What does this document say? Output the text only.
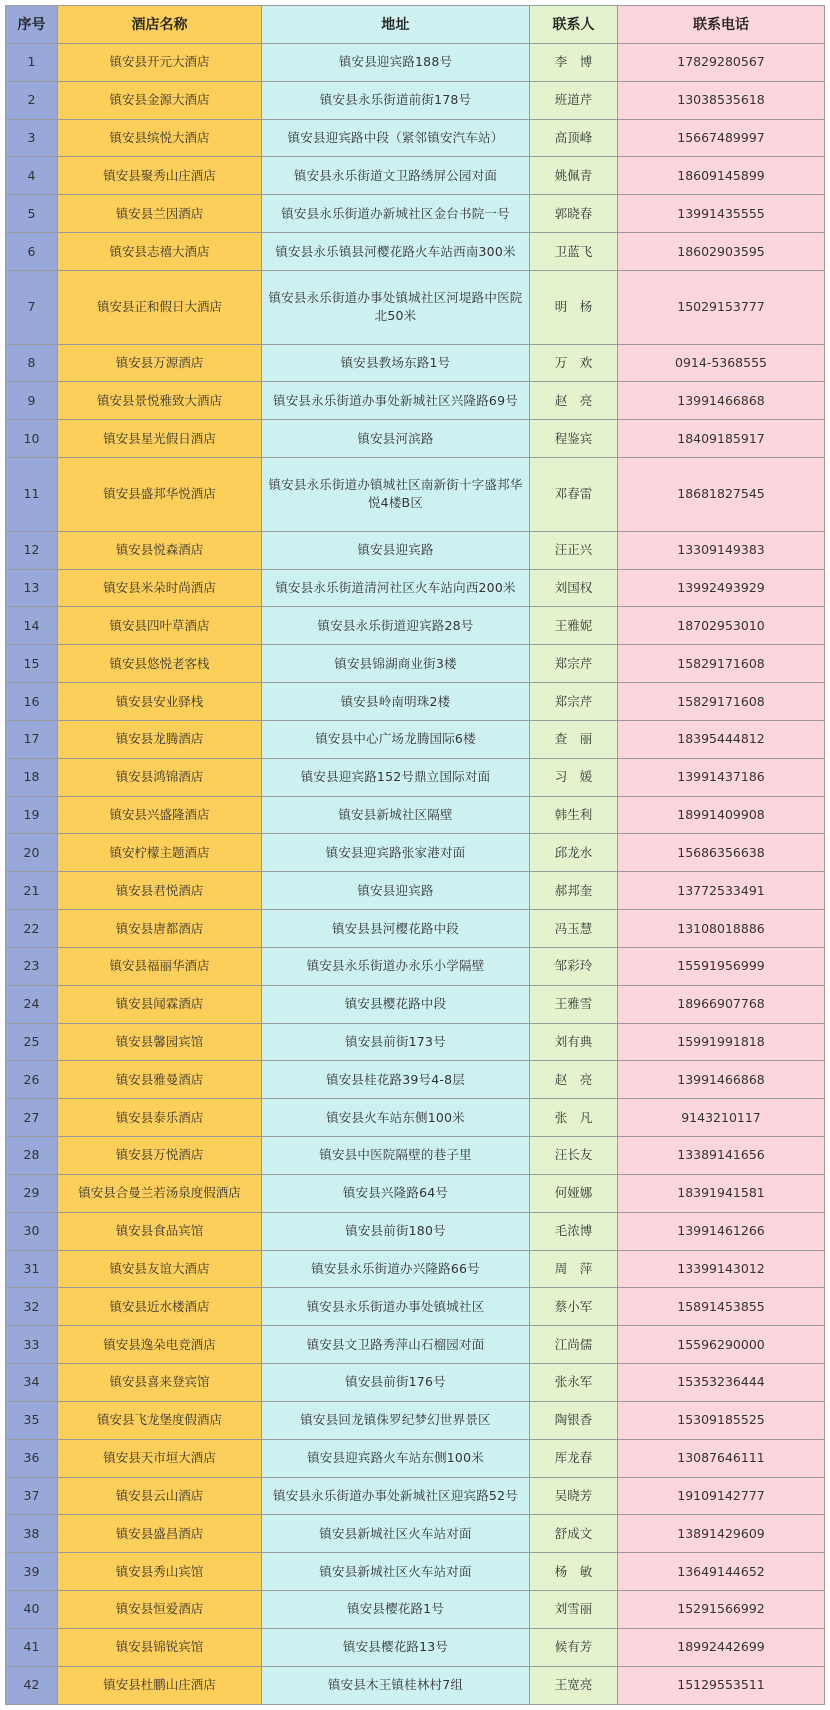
序号	酒店名称	地址	联系人	联系电话
1	镇安县开元大酒店	镇安县迎宾路188号	李　博	17829280567
2	镇安县金源大酒店	镇安县永乐街道前街178号	班道芹	13038535618
3	镇安县缤悦大酒店	镇安县迎宾路中段（紧邻镇安汽车站）	高顶峰	15667489997
4	镇安县聚秀山庄酒店	镇安县永乐街道文卫路绣屏公园对面	姚佩青	18609145899
5	镇安县兰因酒店	镇安县永乐街道办新城社区金台书院一号	郭晓春	13991435555
6	镇安县志禧大酒店	镇安县永乐镇县河樱花路火车站西南300米	卫蓝飞	18602903595
7	镇安县正和假日大酒店	镇安县永乐街道办事处镇城社区河堤路中医院北50米	明　杨	15029153777
8	镇安县万源酒店	镇安县教场东路1号	万　欢	0914-5368555
9	镇安县景悦雅致大酒店	镇安县永乐街道办事处新城社区兴隆路69号	赵　亮	13991466868
10	镇安县星光假日酒店	镇安县河滨路	程鉴宾	18409185917
11	镇安县盛邦华悦酒店	镇安县永乐街道办镇城社区南新街十字盛邦华悦4楼B区	邓春雷	18681827545
12	镇安县悦森酒店	镇安县迎宾路	汪正兴	13309149383
13	镇安县米朵时尚酒店	镇安县永乐街道清河社区火车站向西200米	刘国权	13992493929
14	镇安县四叶草酒店	镇安县永乐街道迎宾路28号	王雅妮	18702953010
15	镇安县悠悦老客栈	镇安县锦湖商业街3楼	郑宗芹	15829171608
16	镇安县安业驿栈	镇安县岭南明珠2楼	郑宗芹	15829171608
17	镇安县龙腾酒店	镇安县中心广场龙腾国际6楼	查　丽	18395444812
18	镇安县鸿锦酒店	镇安县迎宾路152号鼎立国际对面	习　媛	13991437186
19	镇安县兴盛隆酒店	镇安县新城社区隔壁	韩生利	18991409908
20	镇安柠檬主题酒店	镇安县迎宾路张家港对面	邱龙水	15686356638
21	镇安县君悦酒店	镇安县迎宾路	郝邦奎	13772533491
22	镇安县唐都酒店	镇安县县河樱花路中段	冯玉慧	13108018886
23	镇安县福丽华酒店	镇安县永乐街道办永乐小学隔壁	邹彩玲	15591956999
24	镇安县闻霖酒店	镇安县樱花路中段	王雅雪	18966907768
25	镇安县馨园宾馆	镇安县前街173号	刘有典	15991991818
26	镇安县雅曼酒店	镇安县桂花路39号4-8层	赵　亮	13991466868
27	镇安县泰乐酒店	镇安县火车站东侧100米	张　凡	9143210117
28	镇安县万悦酒店	镇安县中医院隔壁的巷子里	汪长友	13389141656
29	镇安县合曼兰若汤泉度假酒店	镇安县兴隆路64号	何娅娜	18391941581
30	镇安县食品宾馆	镇安县前街180号	毛浓博	13991461266
31	镇安县友谊大酒店	镇安县永乐街道办兴隆路66号	周　萍	13399143012
32	镇安县近水楼酒店	镇安县永乐街道办事处镇城社区	蔡小军	15891453855
33	镇安县逸朵电竞酒店	镇安县文卫路秀萍山石榴园对面	江尚儒	15596290000
34	镇安县喜来登宾馆	镇安县前街176号	张永军	15353236444
35	镇安县飞龙堡度假酒店	镇安县回龙镇侏罗纪梦幻世界景区	陶银香	15309185525
36	镇安县天市垣大酒店	镇安县迎宾路火车站东侧100米	厍龙春	13087646111
37	镇安县云山酒店	镇安县永乐街道办事处新城社区迎宾路52号	吴晓芳	19109142777
38	镇安县盛昌酒店	镇安县新城社区火车站对面	舒成文	13891429609
39	镇安县秀山宾馆	镇安县新城社区火车站对面	杨　敏	13649144652
40	镇安县恒爱酒店	镇安县樱花路1号	刘雪丽	15291566992
41	镇安县锦锐宾馆	镇安县樱花路13号	候有芳	18992442699
42	镇安县杜鹏山庄酒店	镇安县木王镇桂林村7组	王宽亮	15129553511
